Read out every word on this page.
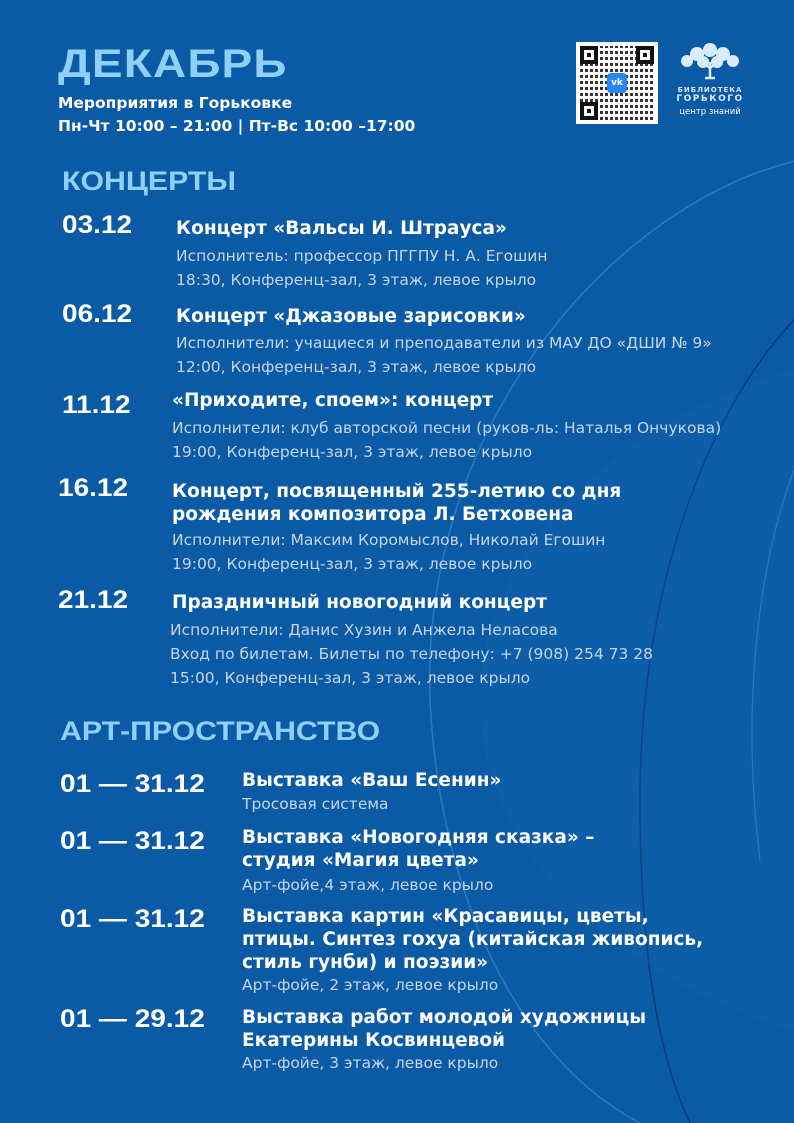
ДЕКАБРЬ
Мероприятия в Горьковке
Пн-Чт 10:00 – 21:00 | Пт-Вс 10:00 –17:00
vk
БИБЛИОТЕКА
ГОРЬКОГО
центр знаний
КОНЦЕРТЫ
АРТ-ПРОСТРАНСТВО
03.12 Концерт «Вальсы И. Штрауса»
Исполнитель: профессор ПГГПУ Н. А. Егошин
18:30, Конференц-зал, 3 этаж, левое крыло
06.12 Концерт «Джазовые зарисовки»
Исполнители: учащиеся и преподаватели из МАУ ДО «ДШИ № 9»
12:00, Конференц-зал, 3 этаж, левое крыло
11.12 «Приходите, споем»: концерт
Исполнители: клуб авторской песни (руков-ль: Наталья Ончукова)
19:00, Конференц-зал, 3 этаж, левое крыло
16.12 Концерт, посвященный 255-летию со дня
рождения композитора Л. Бетховена
Исполнители: Максим Коромыслов, Николай Егошин
19:00, Конференц-зал, 3 этаж, левое крыло
21.12 Праздничный новогодний концерт
Исполнители: Данис Хузин и Анжела Неласова
Вход по билетам. Билеты по телефону: +7 (908) 254 73 28
15:00, Конференц-зал, 3 этаж, левое крыло
01 — 31.12 Выставка «Ваш Есенин»
Тросовая система
01 — 31.12 Выставка «Новогодняя сказка» –
студия «Магия цвета»
Арт-фойе,4 этаж, левое крыло
01 — 31.12 Выставка картин «Красавицы, цветы,
птицы. Синтез гохуа (китайская живопись,
стиль гунби) и поэзии»
Арт-фойе, 2 этаж, левое крыло
01 — 29.12 Выставка работ молодой художницы
Екатерины Косвинцевой
Арт-фойе, 3 этаж, левое крыло
